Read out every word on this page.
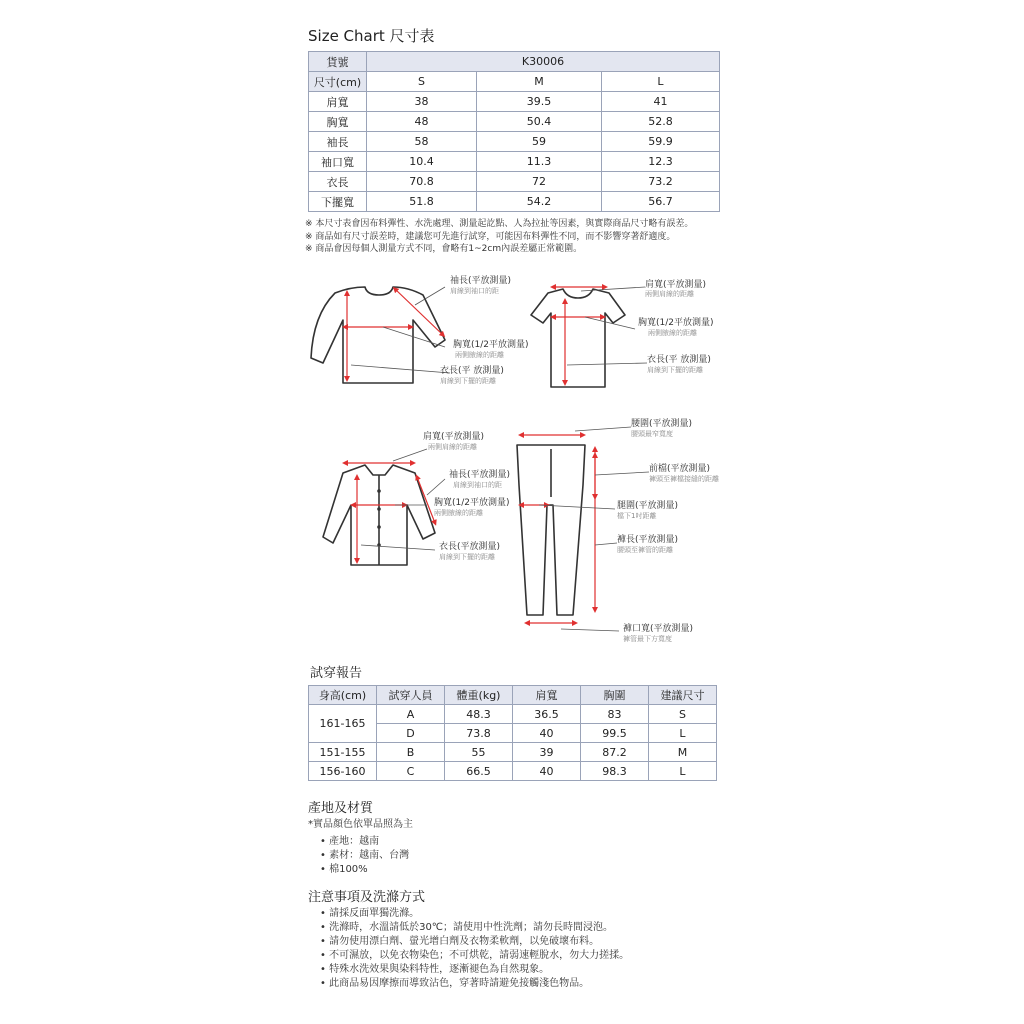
Size Chart 尺寸表
貨號	K30006		
尺寸(cm)	S	M	L
肩寬	38	39.5	41
胸寬	48	50.4	52.8
袖長	58	59	59.9
袖口寬	10.4	11.3	12.3
衣長	70.8	72	73.2
下擺寬	51.8	54.2	56.7
※ 本尺寸表會因布料彈性、水洗處理、測量起訖點、人為拉扯等因素，與實際商品尺寸略有誤差。
※ 商品如有尺寸誤差時，建議您可先進行試穿，可能因布料彈性不同，而不影響穿著舒適度。
※ 商品會因每個人測量方式不同，會略有1~2cm內誤差屬正常範圍。
袖長(平放測量)
肩線到袖口的距
胸寬(1/2平放測量)
兩側腋線的距離
衣長(平 放測量)
肩線到下擺的距離
肩寬(平放測量)
兩側肩線的距離
胸寬(1/2平放測量)
兩側腋線的距離
衣長(平 放測量)
肩線到下擺的距離
肩寬(平放測量)
兩側肩線的距離
袖長(平放測量)
肩線到袖口的距
胸寬(1/2平放測量)
兩側腋線的距離
衣長(平放測量)
肩線到下擺的距離
腰圍(平放測量)
腰頭最窄寬度
前檔(平放測量)
褲頭至褲檔接縫的距離
腿圍(平放測量)
檔下1吋距離
褲長(平放測量)
腰頭至褲管的距離
褲口寬(平放測量)
褲管最下方寬度
試穿報告
身高(cm)	試穿人員	體重(kg)	肩寬	胸圍	建議尺寸
161-165	A	48.3	36.5	83	S
	D	73.8	40	99.5	L
151-155	B	55	39	87.2	M
156-160	C	66.5	40	98.3	L
產地及材質
*實品顏色依單品照為主
• 產地：越南
• 素材：越南、台灣
• 棉100%
注意事項及洗滌方式
• 請採反面單獨洗滌。
• 洗滌時，水溫請低於30℃；請使用中性洗劑；請勿長時間浸泡。
• 請勿使用漂白劑、螢光增白劑及衣物柔軟劑，以免破壞布料。
• 不可濕放，以免衣物染色；不可烘乾，請弱速輕脫水，勿大力搓揉。
• 特殊水洗效果與染料特性，逐漸褪色為自然現象。
• 此商品易因摩擦而導致沾色，穿著時請避免接觸淺色物品。
